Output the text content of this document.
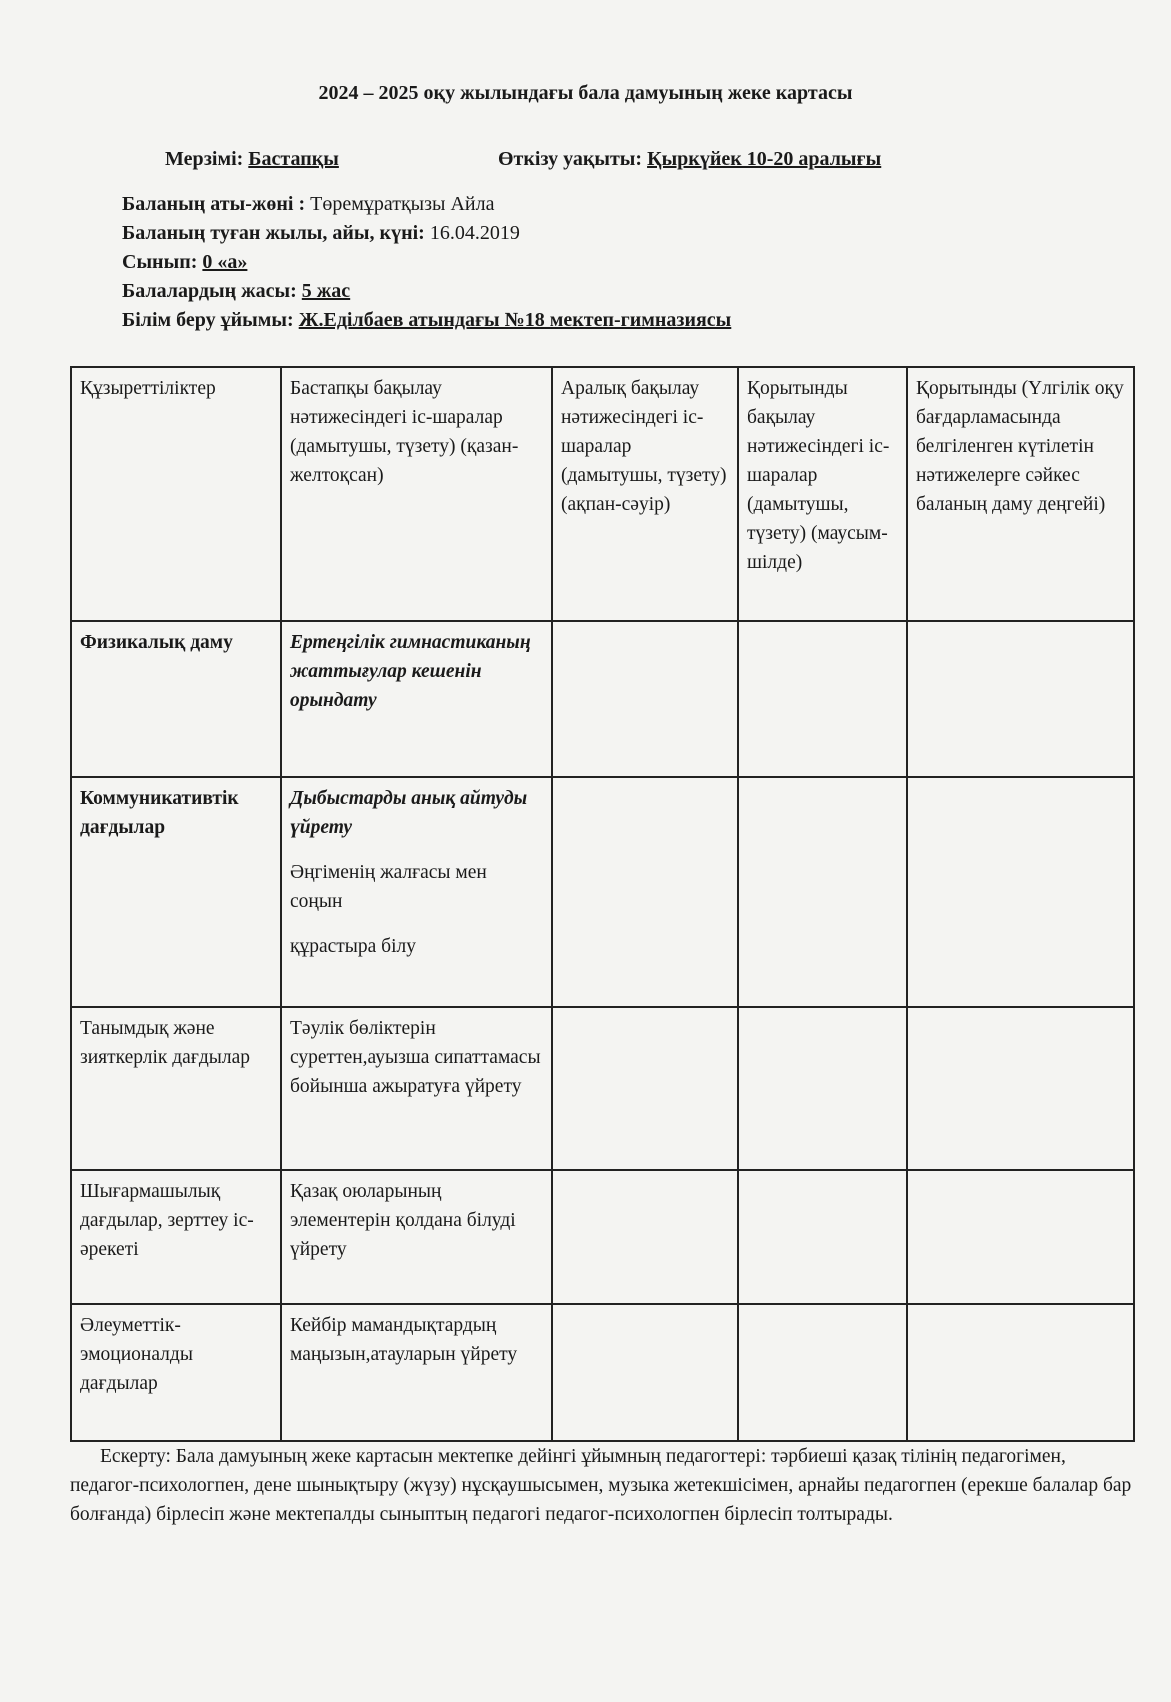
2024 – 2025 оқу жылындағы бала дамуының жеке картасы
Мерзімі: Бастапқы	Өткізу уақыты: Қыркүйек 10-20 аралығы
Баланың аты-жөні : Төремұратқызы Айла
Баланың туған жылы, айы, күні: 16.04.2019
Сынып: 0 «а»
Балалардың жасы: 5 жас
Білім беру ұйымы: Ж.Еділбаев атындағы №18 мектеп-гимназиясы
Құзыреттіліктер	Бастапқы бақылау нәтижесіндегі іс-шаралар (дамытушы, түзету) (қазан-желтоқсан)	Аралық бақылау нәтижесіндегі іс-шаралар (дамытушы, түзету) (ақпан-сәуір)	Қорытынды бақылау нәтижесіндегі іс-шаралар (дамытушы, түзету) (маусым-шілде)	Қорытынды (Үлгілік оқу бағдарламасында белгіленген күтілетін нәтижелерге сәйкес баланың даму деңгейі)
Физикалық даму	Ертеңгілік гимнастиканың жаттығулар кешенін орындату			
Коммуникативтік дағдылар	Дыбыстарды анық айтуды үйрету
Әңгіменің жалғасы мен соңын
құрастыра білу			

Танымдық және зияткерлік дағдылар	Тәулік бөліктерін суреттен,ауызша сипаттамасы бойынша ажыратуға үйрету			
Шығармашылық дағдылар, зерттеу іс-әрекеті	Қазақ оюларының элементерін қолдана білуді үйрету			
Әлеуметтік-эмоционалды дағдылар	Кейбір мамандықтардың маңызын,атауларын үйрету			
Ескерту: Бала дамуының жеке картасын мектепке дейінгі ұйымның педагогтері: тәрбиеші қазақ тілінің педагогімен, педагог-психологпен, дене шынықтыру (жүзу) нұсқаушысымен, музыка жетекшісімен, арнайы педагогпен (ерекше балалар бар болғанда) бірлесіп және мектепалды сыныптың педагогі педагог-психологпен бірлесіп толтырады.
